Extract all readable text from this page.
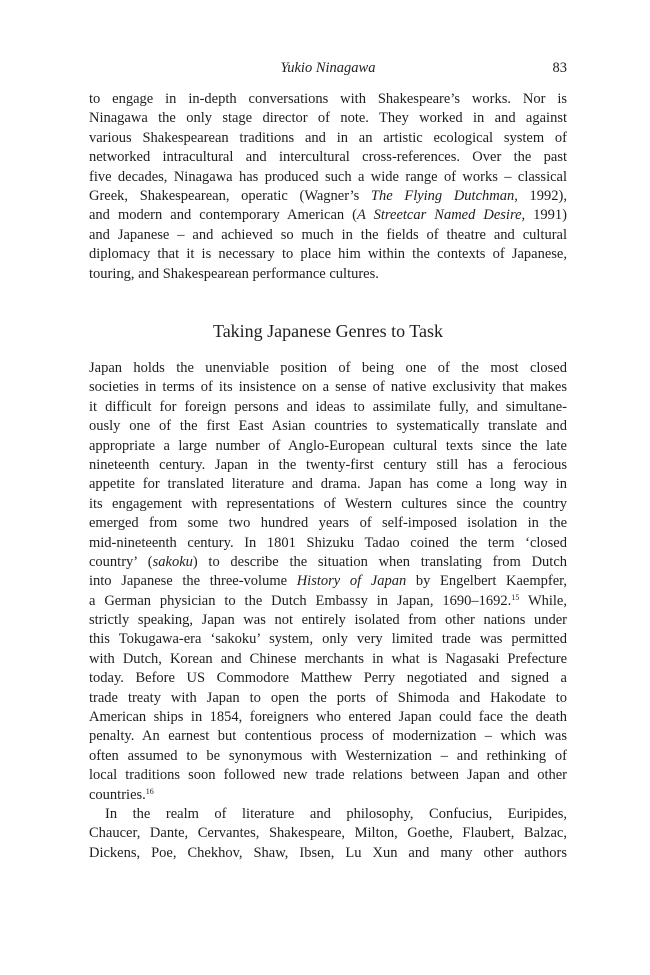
Yukio Ninagawa	83
to engage in in-depth conversations with Shakespeare’s works. Nor is
Ninagawa the only stage director of note. They worked in and against
various Shakespearean traditions and in an artistic ecological system of
networked intracultural and intercultural cross-references. Over the past
five decades, Ninagawa has produced such a wide range of works – classical
Greek, Shakespearean, operatic (Wagner’s The Flying Dutchman, 1992),
and modern and contemporary American (A Streetcar Named Desire, 1991)
and Japanese – and achieved so much in the fields of theatre and cultural
diplomacy that it is necessary to place him within the contexts of Japanese,
touring, and Shakespearean performance cultures.
Taking Japanese Genres to Task
Japan holds the unenviable position of being one of the most closed
societies in terms of its insistence on a sense of native exclusivity that makes
it difficult for foreign persons and ideas to assimilate fully, and simultane-
ously one of the first East Asian countries to systematically translate and
appropriate a large number of Anglo-European cultural texts since the late
nineteenth century. Japan in the twenty-first century still has a ferocious
appetite for translated literature and drama. Japan has come a long way in
its engagement with representations of Western cultures since the country
emerged from some two hundred years of self-imposed isolation in the
mid-nineteenth century. In 1801 Shizuku Tadao coined the term ‘closed
country’ (sakoku) to describe the situation when translating from Dutch
into Japanese the three-volume History of Japan by Engelbert Kaempfer,
a German physician to the Dutch Embassy in Japan, 1690–1692.15 While,
strictly speaking, Japan was not entirely isolated from other nations under
this Tokugawa-era ‘sakoku’ system, only very limited trade was permitted
with Dutch, Korean and Chinese merchants in what is Nagasaki Prefecture
today. Before US Commodore Matthew Perry negotiated and signed a
trade treaty with Japan to open the ports of Shimoda and Hakodate to
American ships in 1854, foreigners who entered Japan could face the death
penalty. An earnest but contentious process of modernization – which was
often assumed to be synonymous with Westernization – and rethinking of
local traditions soon followed new trade relations between Japan and other
countries.$^{16}$
In the realm of literature and philosophy, Confucius, Euripides,
Chaucer, Dante, Cervantes, Shakespeare, Milton, Goethe, Flaubert, Balzac,
Dickens, Poe, Chekhov, Shaw, Ibsen, Lu Xun and many other authors
